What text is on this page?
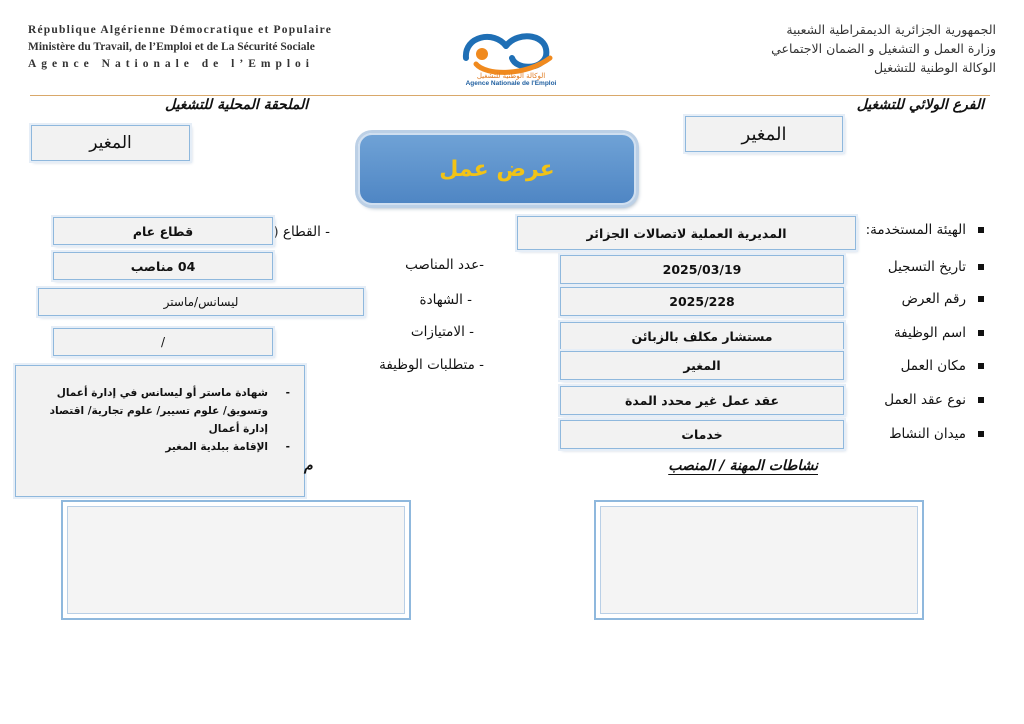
République Algérienne Démocratique et Populaire
Ministère du Travail, de l’Emploi et de La Sécurité Sociale
Agence Nationale de l’Emploi
الوكالة الوطنية للتشغيل
Agence Nationale de l'Emploi
الجمهورية الجزائرية الديمقراطية الشعبية
وزارة العمل و التشغيل و الضمان الاجتماعي
الوكالة الوطنية للتشغيل
الفرع الولائي للتشغيل
الملحقة المحلية للتشغيل
المغير
المغير
عرض عمل
الهيئة المستخدمة:
المديرية العملية لاتصالات الجزائر
تاريخ التسجيل
2025/03/19
رقم العرض
2025/228
اسم الوظيفة
مستشار مكلف بالزبائن
مكان العمل
المغير
نوع عقد العمل
عقد عمل غير محدد المدة
ميدان النشاط
خدمات
- القطاع (
قطاع عام
-عدد المناصب
04 مناصب
- الشهادة
ليسانس/ماستر
- الامتيازات
/
- متطلبات الوظيفة
- شهادة ماستر أو ليسانس في إدارة أعمال وتسويق/ علوم تسيير/ علوم تجارية/ اقتصاد إدارة أعمال
- الإقامة ببلدية المغير
م	نشاطات المهنة / المنصب
